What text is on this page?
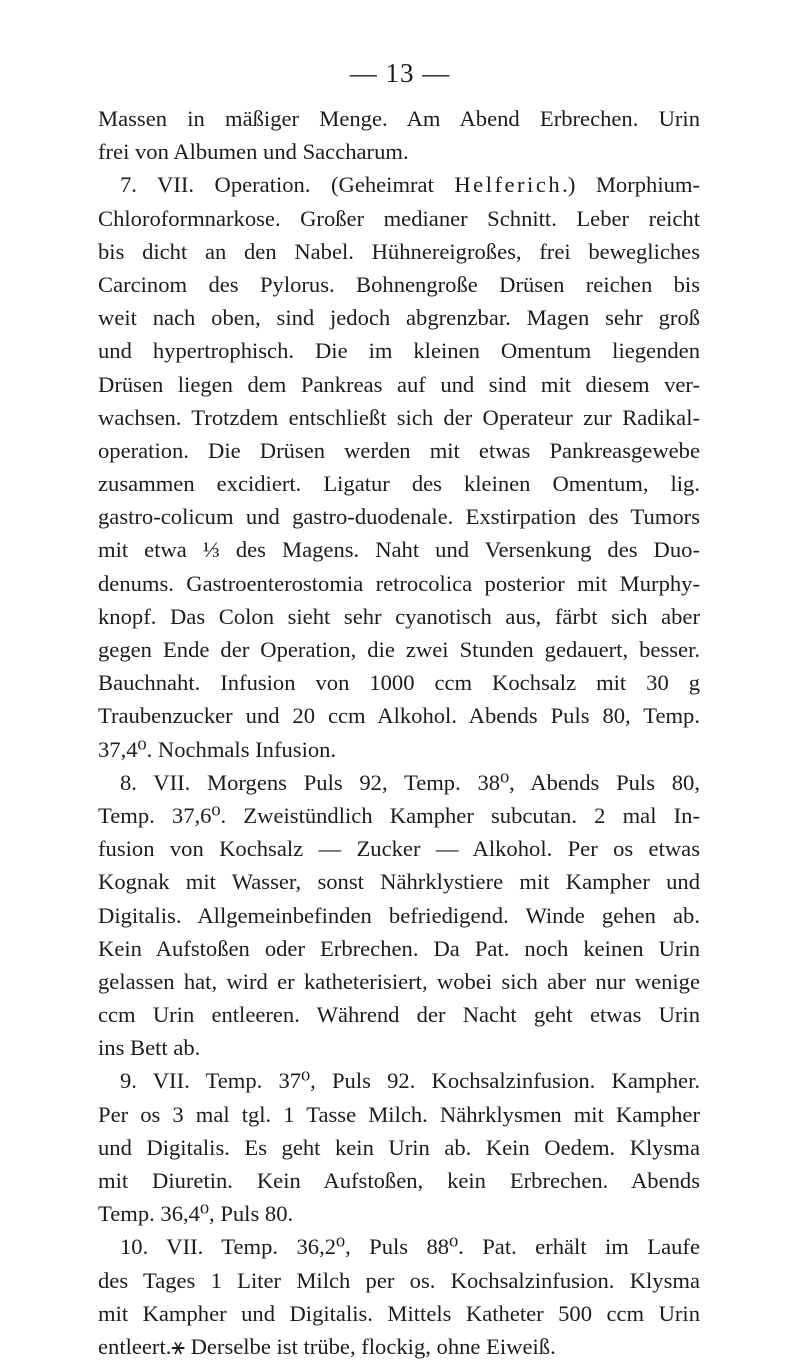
— 13 —
Massen in mäßiger Menge. Am Abend Erbrechen. Urin
frei von Albumen und Saccharum.
7. VII. Operation. (Geheimrat Helferich.) Morphium-
Chloroformnarkose. Großer medianer Schnitt. Leber reicht
bis dicht an den Nabel. Hühnereigroßes, frei bewegliches
Carcinom des Pylorus. Bohnengroße Drüsen reichen bis
weit nach oben, sind jedoch abgrenzbar. Magen sehr groß
und hypertrophisch. Die im kleinen Omentum liegenden
Drüsen liegen dem Pankreas auf und sind mit diesem ver-
wachsen. Trotzdem entschließt sich der Operateur zur Radikal-
operation. Die Drüsen werden mit etwas Pankreasgewebe
zusammen excidiert. Ligatur des kleinen Omentum, lig.
gastro-colicum und gastro-duodenale. Exstirpation des Tumors
mit etwa ⅓ des Magens. Naht und Versenkung des Duo-
denums. Gastroenterostomia retrocolica posterior mit Murphy-
knopf. Das Colon sieht sehr cyanotisch aus, färbt sich aber
gegen Ende der Operation, die zwei Stunden gedauert, besser.
Bauchnaht. Infusion von 1000 ccm Kochsalz mit 30 g
Traubenzucker und 20 ccm Alkohol. Abends Puls 80, Temp.
37,4⁰. Nochmals Infusion.
8. VII. Morgens Puls 92, Temp. 38⁰, Abends Puls 80,
Temp. 37,6⁰. Zweistündlich Kampher subcutan. 2 mal In-
fusion von Kochsalz — Zucker — Alkohol. Per os etwas
Kognak mit Wasser, sonst Nährklystiere mit Kampher und
Digitalis. Allgemeinbefinden befriedigend. Winde gehen ab.
Kein Aufstoßen oder Erbrechen. Da Pat. noch keinen Urin
gelassen hat, wird er katheterisiert, wobei sich aber nur wenige
ccm Urin entleeren. Während der Nacht geht etwas Urin
ins Bett ab.
9. VII. Temp. 37⁰, Puls 92. Kochsalzinfusion. Kampher.
Per os 3 mal tgl. 1 Tasse Milch. Nährklysmen mit Kampher
und Digitalis. Es geht kein Urin ab. Kein Oedem. Klysma
mit Diuretin. Kein Aufstoßen, kein Erbrechen. Abends
Temp. 36,4⁰, Puls 80.
10. VII. Temp. 36,2⁰, Puls 88⁰. Pat. erhält im Laufe
des Tages 1 Liter Milch per os. Kochsalzinfusion. Klysma
mit Kampher und Digitalis. Mittels Katheter 500 ccm Urin
entleert.⚹ Derselbe ist trübe, flockig, ohne Eiweiß.
